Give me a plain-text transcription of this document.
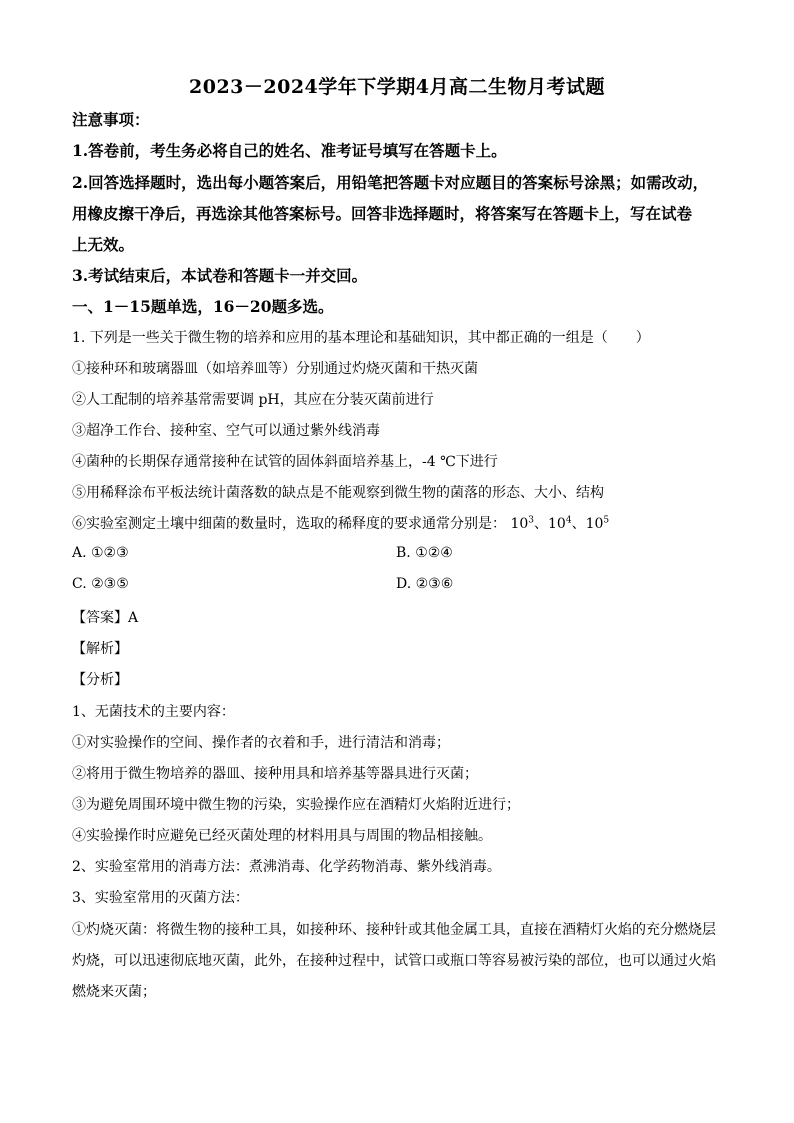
2023－2024学年下学期4月高二生物月考试题
注意事项：
1.答卷前，考生务必将自己的姓名、准考证号填写在答题卡上。
2.回答选择题时，选出每小题答案后，用铅笔把答题卡对应题目的答案标号涂黑；如需改动，
用橡皮擦干净后，再选涂其他答案标号。回答非选择题时，将答案写在答题卡上，写在试卷
上无效。
3.考试结束后，本试卷和答题卡一并交回。
一、1－15题单选，16－20题多选。
1. 下列是一些关于微生物的培养和应用的基本理论和基础知识，其中都正确的一组是（　　）
①接种环和玻璃器皿（如培养皿等）分别通过灼烧灭菌和干热灭菌
②人工配制的培养基常需要调 pH，其应在分装灭菌前进行
③超净工作台、接种室、空气可以通过紫外线消毒
④菌种的长期保存通常接种在试管的固体斜面培养基上，-4 ℃下进行
⑤用稀释涂布平板法统计菌落数的缺点是不能观察到微生物的菌落的形态、大小、结构
⑥实验室测定土壤中细菌的数量时，选取的稀释度的要求通常分别是： $10^3$、$10^4$、$10^5$
A. ①②③	B. ①②④
C. ②③⑤	D. ②③⑥
【答案】A
【解析】
【分析】
1、无菌技术的主要内容：
①对实验操作的空间、操作者的衣着和手，进行清洁和消毒；
②将用于微生物培养的器皿、接种用具和培养基等器具进行灭菌；
③为避免周围环境中微生物的污染，实验操作应在酒精灯火焰附近进行；
④实验操作时应避免已经灭菌处理的材料用具与周围的物品相接触。
2、实验室常用的消毒方法：煮沸消毒、化学药物消毒、紫外线消毒。
3、实验室常用的灭菌方法：
①灼烧灭菌：将微生物的接种工具，如接种环、接种针或其他金属工具，直接在酒精灯火焰的充分燃烧层
灼烧，可以迅速彻底地灭菌，此外，在接种过程中，试管口或瓶口等容易被污染的部位，也可以通过火焰
燃烧来灭菌；
